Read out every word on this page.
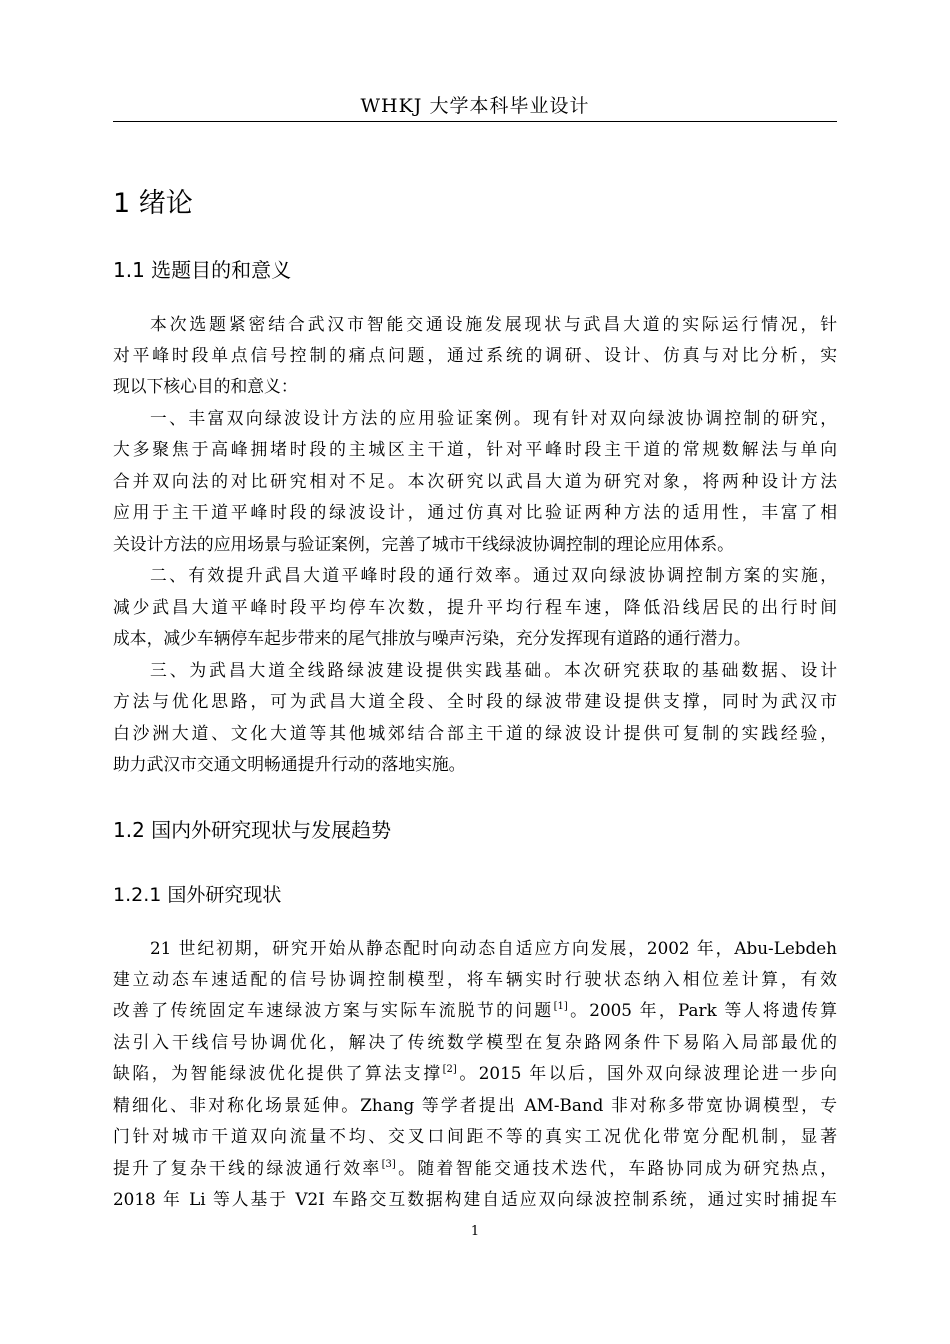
WHKJ 大学本科毕业设计
1 绪论
1.1 选题目的和意义
本次选题紧密结合武汉市智能交通设施发展现状与武昌大道的实际运行情况，针
对平峰时段单点信号控制的痛点问题，通过系统的调研、设计、仿真与对比分析，实
现以下核心目的和意义：
一、丰富双向绿波设计方法的应用验证案例。现有针对双向绿波协调控制的研究，
大多聚焦于高峰拥堵时段的主城区主干道，针对平峰时段主干道的常规数解法与单向
合并双向法的对比研究相对不足。本次研究以武昌大道为研究对象，将两种设计方法
应用于主干道平峰时段的绿波设计，通过仿真对比验证两种方法的适用性，丰富了相
关设计方法的应用场景与验证案例，完善了城市干线绿波协调控制的理论应用体系。
二、有效提升武昌大道平峰时段的通行效率。通过双向绿波协调控制方案的实施，
减少武昌大道平峰时段平均停车次数，提升平均行程车速，降低沿线居民的出行时间
成本，减少车辆停车起步带来的尾气排放与噪声污染，充分发挥现有道路的通行潜力。
三、为武昌大道全线路绿波建设提供实践基础。本次研究获取的基础数据、设计
方法与优化思路，可为武昌大道全段、全时段的绿波带建设提供支撑，同时为武汉市
白沙洲大道、文化大道等其他城郊结合部主干道的绿波设计提供可复制的实践经验，
助力武汉市交通文明畅通提升行动的落地实施。
1.2 国内外研究现状与发展趋势
1.2.1 国外研究现状
21 世纪初期，研究开始从静态配时向动态自适应方向发展，2002 年，Abu-Lebdeh
建立动态车速适配的信号协调控制模型，将车辆实时行驶状态纳入相位差计算，有效
改善了传统固定车速绿波方案与实际车流脱节的问题[1]。2005 年，Park 等人将遗传算
法引入干线信号协调优化，解决了传统数学模型在复杂路网条件下易陷入局部最优的
缺陷，为智能绿波优化提供了算法支撑[2]。2015 年以后，国外双向绿波理论进一步向
精细化、非对称化场景延伸。Zhang 等学者提出 AM-Band 非对称多带宽协调模型，专
门针对城市干道双向流量不均、交叉口间距不等的真实工况优化带宽分配机制，显著
提升了复杂干线的绿波通行效率[3]。随着智能交通技术迭代，车路协同成为研究热点，
2018 年 Li 等人基于 V2I 车路交互数据构建自适应双向绿波控制系统，通过实时捕捉车
1
